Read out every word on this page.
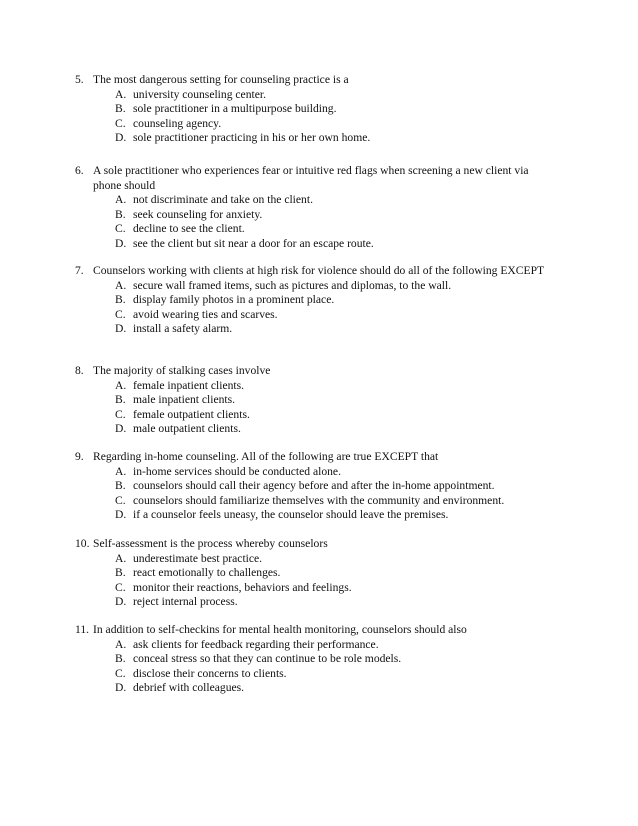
5. The most dangerous setting for counseling practice is a

A. university counseling center.
B. sole practitioner in a multipurpose building.
C. counseling agency.
D. sole practitioner practicing in his or her own home.

6. A sole practitioner who experiences fear or intuitive red flags when screening a new client via phone should

A. not discriminate and take on the client.
B. seek counseling for anxiety.
C. decline to see the client.
D. see the client but sit near a door for an escape route.

7. Counselors working with clients at high risk for violence should do all of the following EXCEPT

A. secure wall framed items, such as pictures and diplomas, to the wall.
B. display family photos in a prominent place.
C. avoid wearing ties and scarves.
D. install a safety alarm.

8. The majority of stalking cases involve

A. female inpatient clients.
B. male inpatient clients.
C. female outpatient clients.
D. male outpatient clients.

9. Regarding in-home counseling. All of the following are true EXCEPT that

A. in-home services should be conducted alone.
B. counselors should call their agency before and after the in-home appointment.
C. counselors should familiarize themselves with the community and environment.
D. if a counselor feels uneasy, the counselor should leave the premises.

10. Self-assessment is the process whereby counselors

A. underestimate best practice.
B. react emotionally to challenges.
C. monitor their reactions, behaviors and feelings.
D. reject internal process.

11. In addition to self-checkins for mental health monitoring, counselors should also

A. ask clients for feedback regarding their performance.
B. conceal stress so that they can continue to be role models.
C. disclose their concerns to clients.
D. debrief with colleagues.
